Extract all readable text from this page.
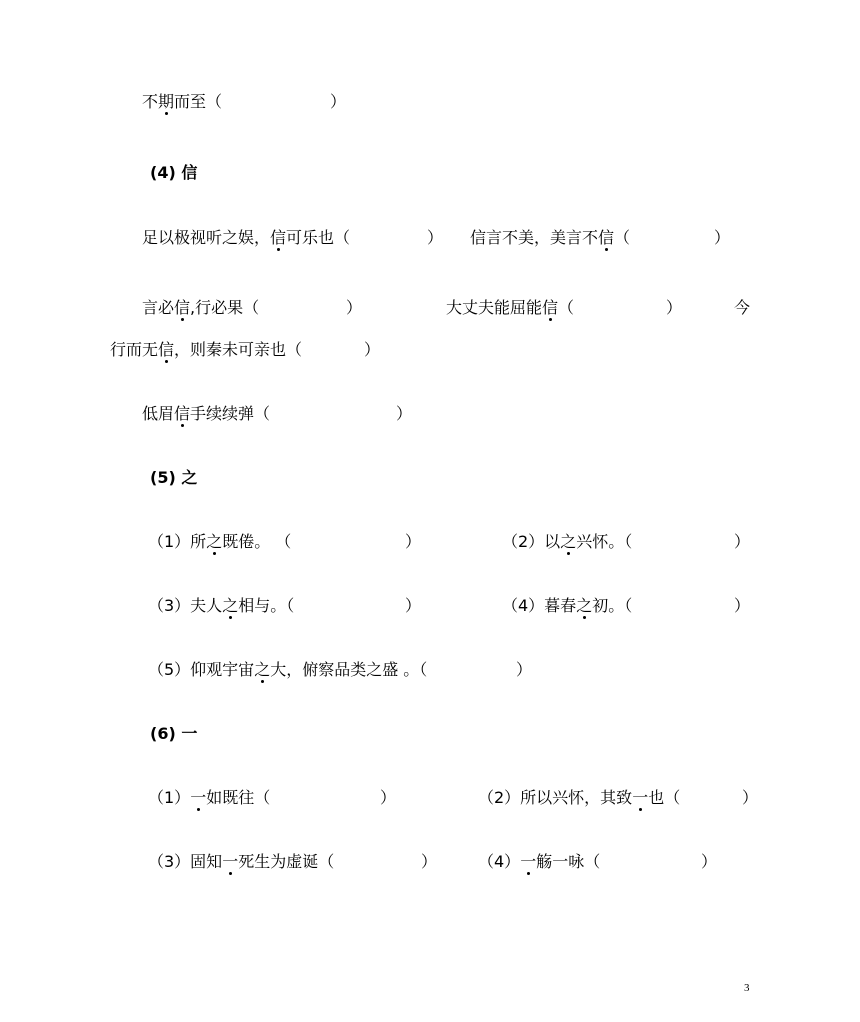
不期而至（	）
(4) 信
足以极视听之娱，信可乐也（	） 信言不美，美言不信（	）
言必信,行必果（	）	大丈夫能屈能信（	）	今
行而无信，则秦未可亲也（	）
低眉信手续续弹（	）
(5) 之
（1）所之既倦。 （	）	（2）以之兴怀。（	）
（3）夫人之相与。（	）	（4）暮春之初。（	）
（5）仰观宇宙之大，俯察品类之盛 。（	）
(6) 一
（1）一如既往（	）	（2）所以兴怀，其致一也（	）
（3）固知一死生为虚诞（	）	（4）一觞一咏（	）
3
